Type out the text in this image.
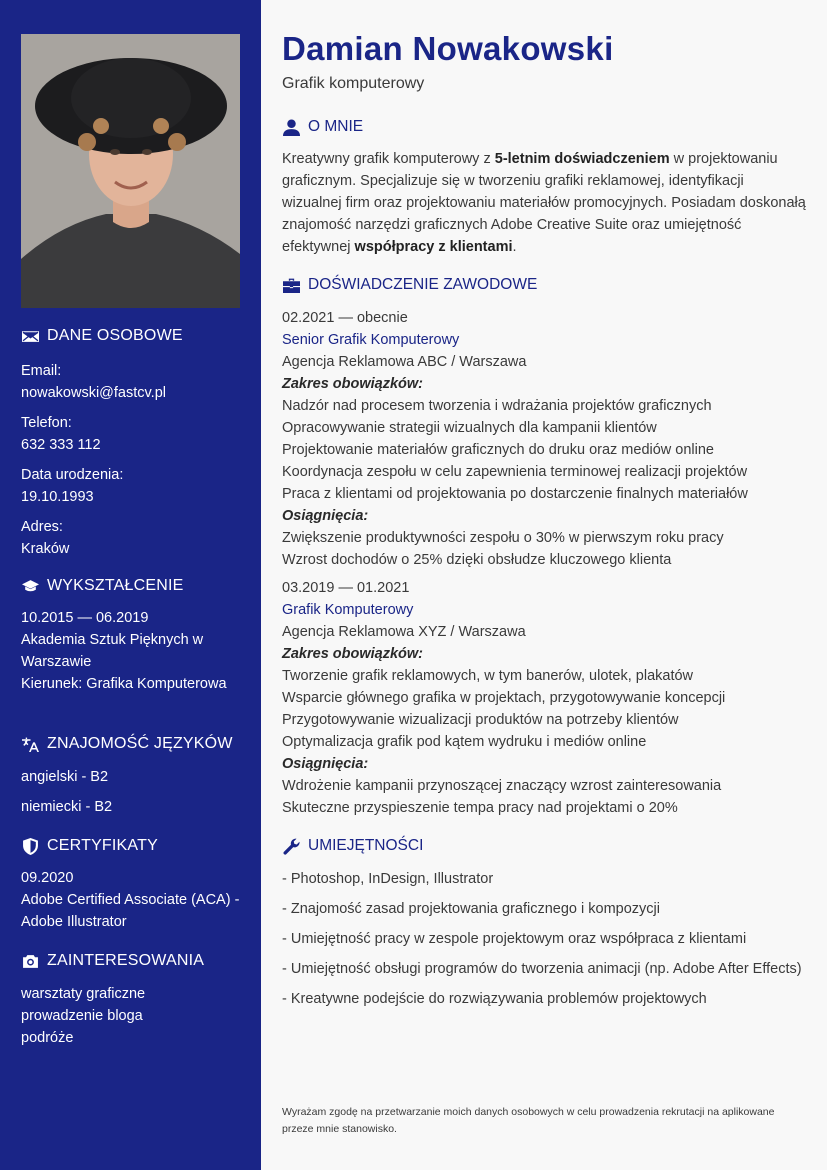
DANE OSOBOWE
Email:
nowakowski@fastcv.pl
Telefon:
632 333 112
Data urodzenia:
19.10.1993
Adres:
Kraków
WYKSZTAŁCENIE
10.2015 — 06.2019
Akademia Sztuk Pięknych w Warszawie
Kierunek: Grafika Komputerowa
ZNAJOMOŚĆ JĘZYKÓW
angielski - B2
niemiecki - B2
CERTYFIKATY
09.2020
Adobe Certified Associate (ACA) - Adobe Illustrator
ZAINTERESOWANIA
warsztaty graficzne
prowadzenie bloga
podróże
Damian Nowakowski
Grafik komputerowy
O MNIE
Kreatywny grafik komputerowy z 5-letnim doświadczeniem w projektowaniu graficznym. Specjalizuje się w tworzeniu grafiki reklamowej, identyfikacji wizualnej firm oraz projektowaniu materiałów promocyjnych. Posiadam doskonałą znajomość narzędzi graficznych Adobe Creative Suite oraz umiejętność efektywnej współpracy z klientami.
DOŚWIADCZENIE ZAWODOWE
02.2021 — obecnie
Senior Grafik Komputerowy
Agencja Reklamowa ABC / Warszawa
Zakres obowiązków:
Nadzór nad procesem tworzenia i wdrażania projektów graficznych
Opracowywanie strategii wizualnych dla kampanii klientów
Projektowanie materiałów graficznych do druku oraz mediów online
Koordynacja zespołu w celu zapewnienia terminowej realizacji projektów
Praca z klientami od projektowania po dostarczenie finalnych materiałów
Osiągnięcia:
Zwiększenie produktywności zespołu o 30% w pierwszym roku pracy
Wzrost dochodów o 25% dzięki obsłudze kluczowego klienta
03.2019 — 01.2021
Grafik Komputerowy
Agencja Reklamowa XYZ / Warszawa
Zakres obowiązków:
Tworzenie grafik reklamowych, w tym banerów, ulotek, plakatów
Wsparcie głównego grafika w projektach, przygotowywanie koncepcji
Przygotowywanie wizualizacji produktów na potrzeby klientów
Optymalizacja grafik pod kątem wydruku i mediów online
Osiągnięcia:
Wdrożenie kampanii przynoszącej znaczący wzrost zainteresowania
Skuteczne przyspieszenie tempa pracy nad projektami o 20%
UMIEJĘTNOŚCI
- Photoshop, InDesign, Illustrator
- Znajomość zasad projektowania graficznego i kompozycji
- Umiejętność pracy w zespole projektowym oraz współpraca z klientami
- Umiejętność obsługi programów do tworzenia animacji (np. Adobe After Effects)
- Kreatywne podejście do rozwiązywania problemów projektowych
Wyrażam zgodę na przetwarzanie moich danych osobowych w celu prowadzenia rekrutacji na aplikowane przeze mnie stanowisko.
